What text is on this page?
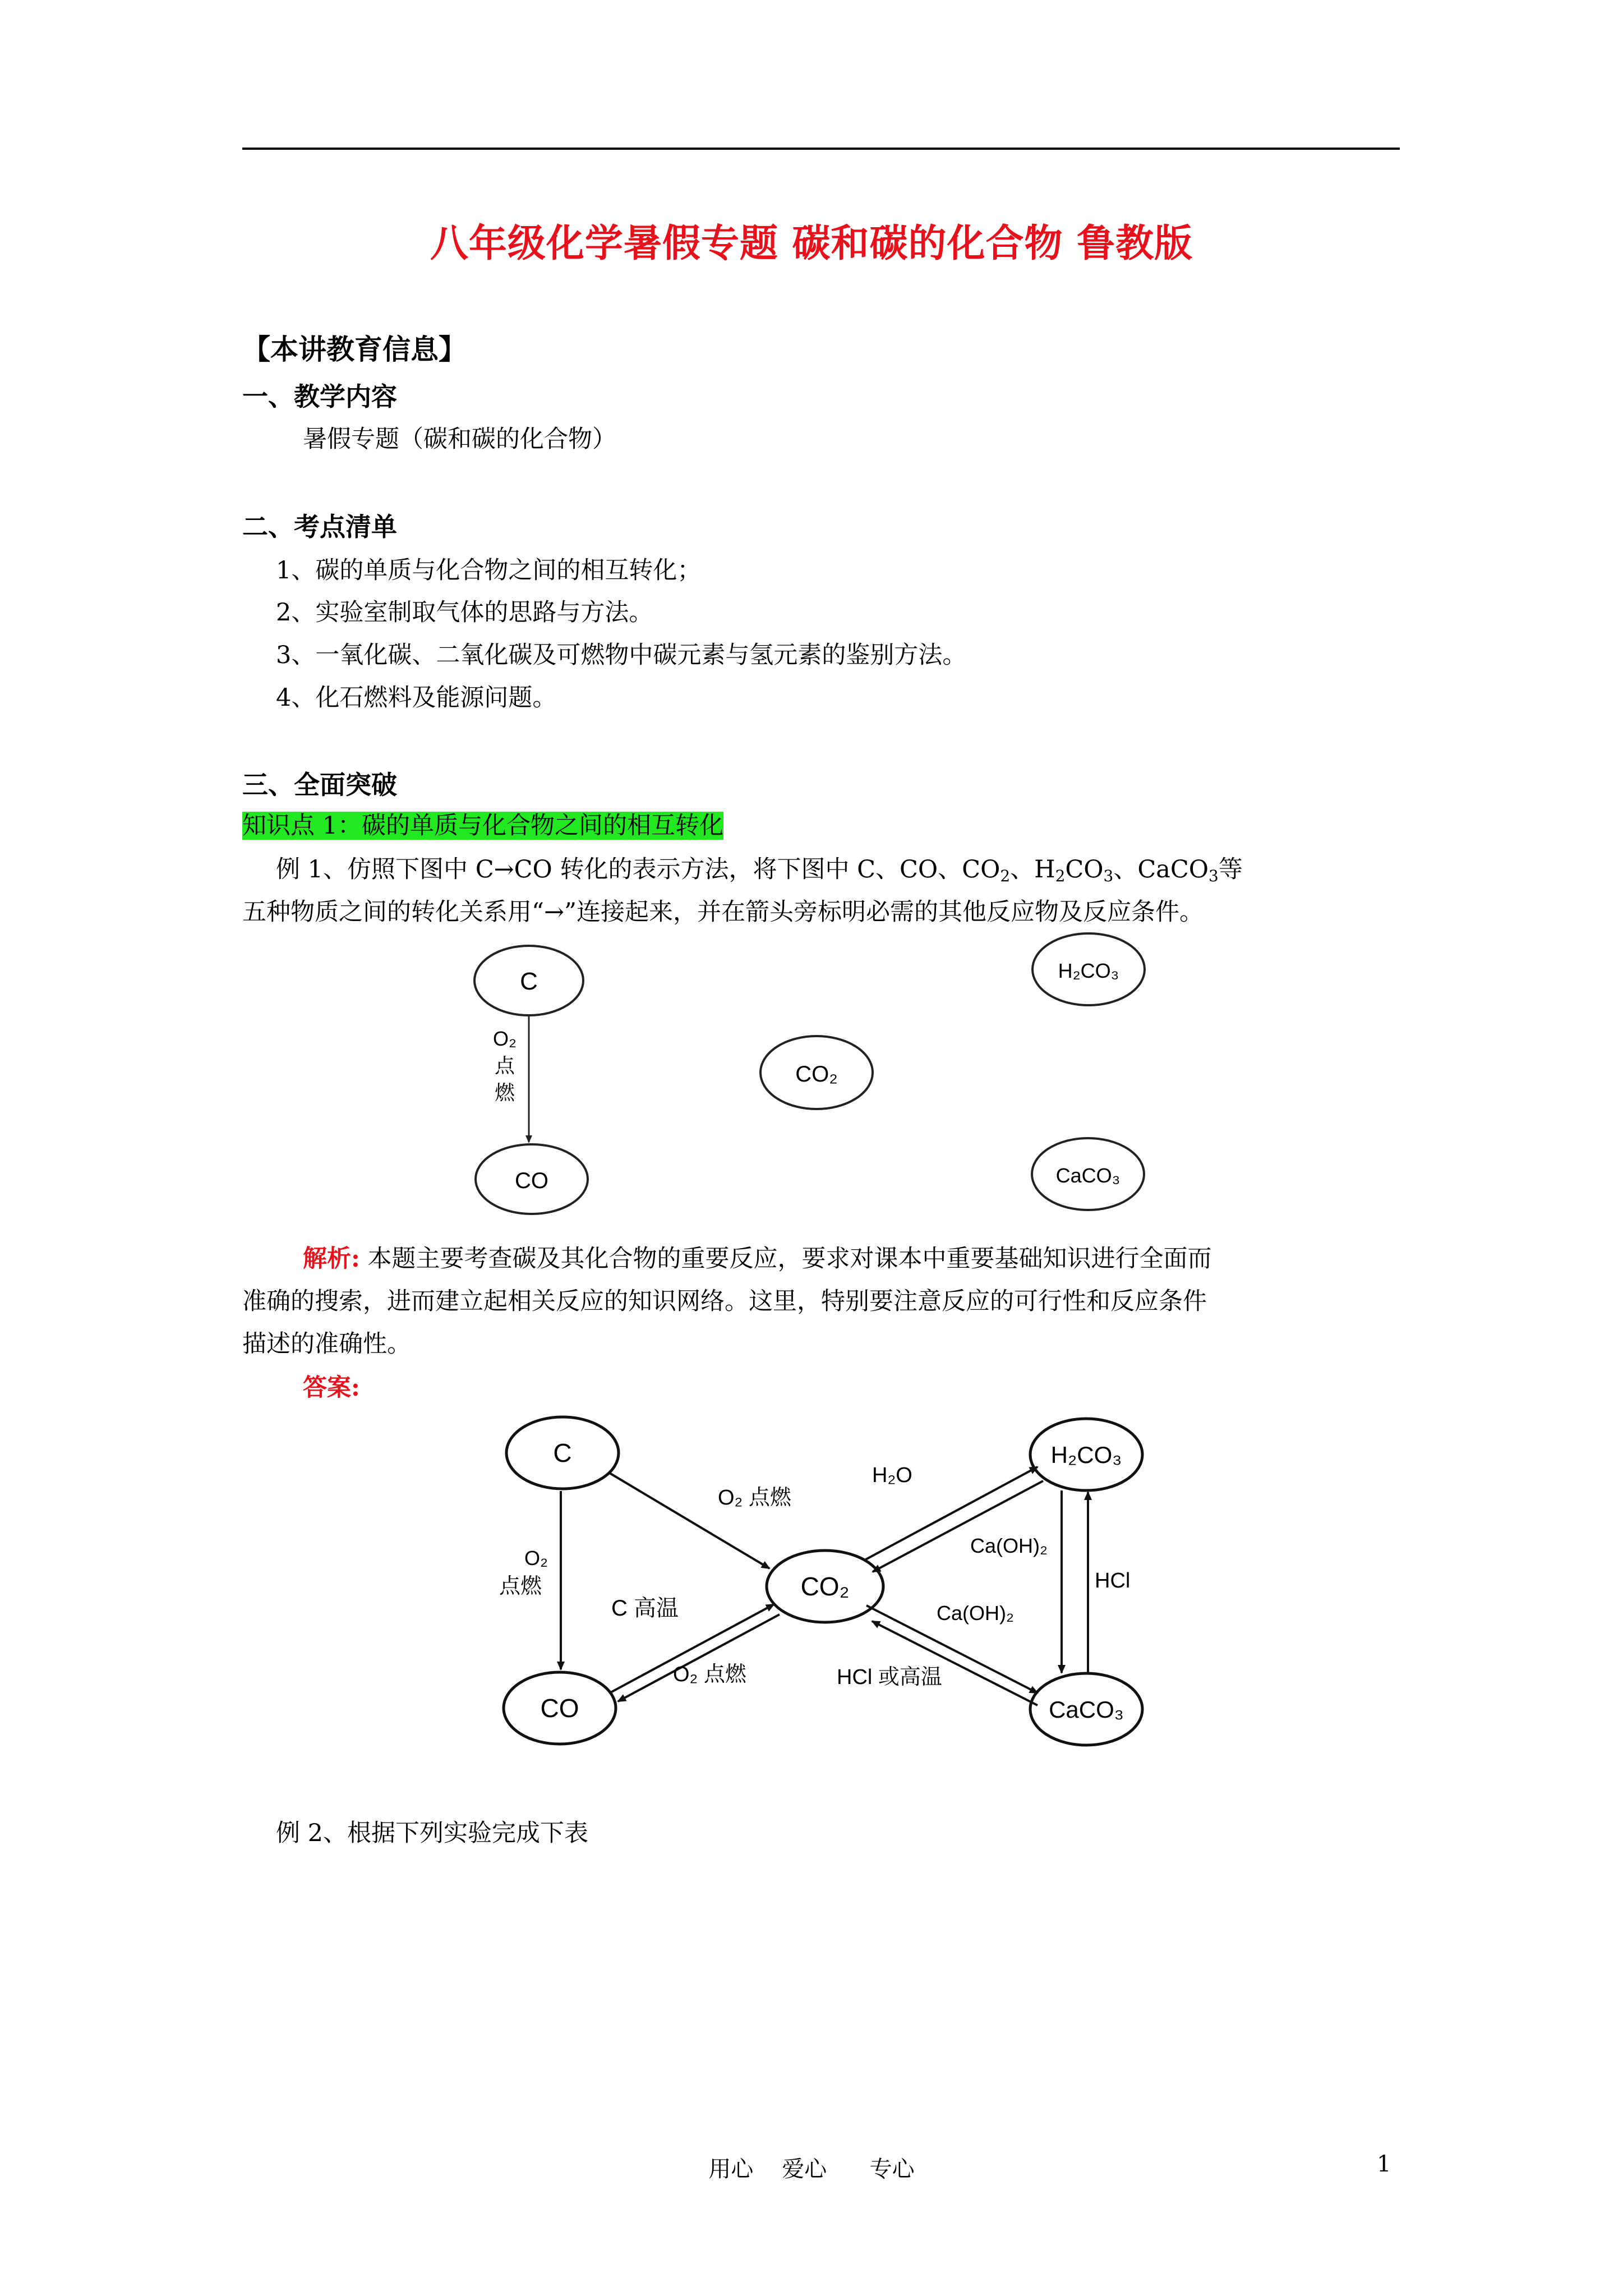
八年级化学暑假专题 碳和碳的化合物 鲁教版
【本讲教育信息】
一、教学内容
暑假专题（碳和碳的化合物）
二、考点清单
1、碳的单质与化合物之间的相互转化；
2、实验室制取气体的思路与方法。
3、一氧化碳、二氧化碳及可燃物中碳元素与氢元素的鉴别方法。
4、化石燃料及能源问题。
三、全面突破
知识点 1：碳的单质与化合物之间的相互转化
例 1、仿照下图中 C→CO 转化的表示方法，将下图中 C、CO、$CO_2$、$H_2CO_3$、CaCO$_3$等
五种物质之间的转化关系用“→”连接起来，并在箭头旁标明必需的其他反应物及反应条件。
C
O₂
点
燃
CO
CO₂
H₂CO₃
CaCO₃
解析: 本题主要考查碳及其化合物的重要反应，要求对课本中重要基础知识进行全面而
准确的搜索，进而建立起相关反应的知识网络。这里，特别要注意反应的可行性和反应条件
描述的准确性。
答案:
C
CO
CO₂
H₂CO₃
CaCO₃
O₂ 点燃
O₂
点燃
C 高温
O₂ 点燃
H₂O
Ca(OH)₂
Ca(OH)₂
HCl 或高温
HCl
例 2、根据下列实验完成下表
用心    爱心      专心	1
